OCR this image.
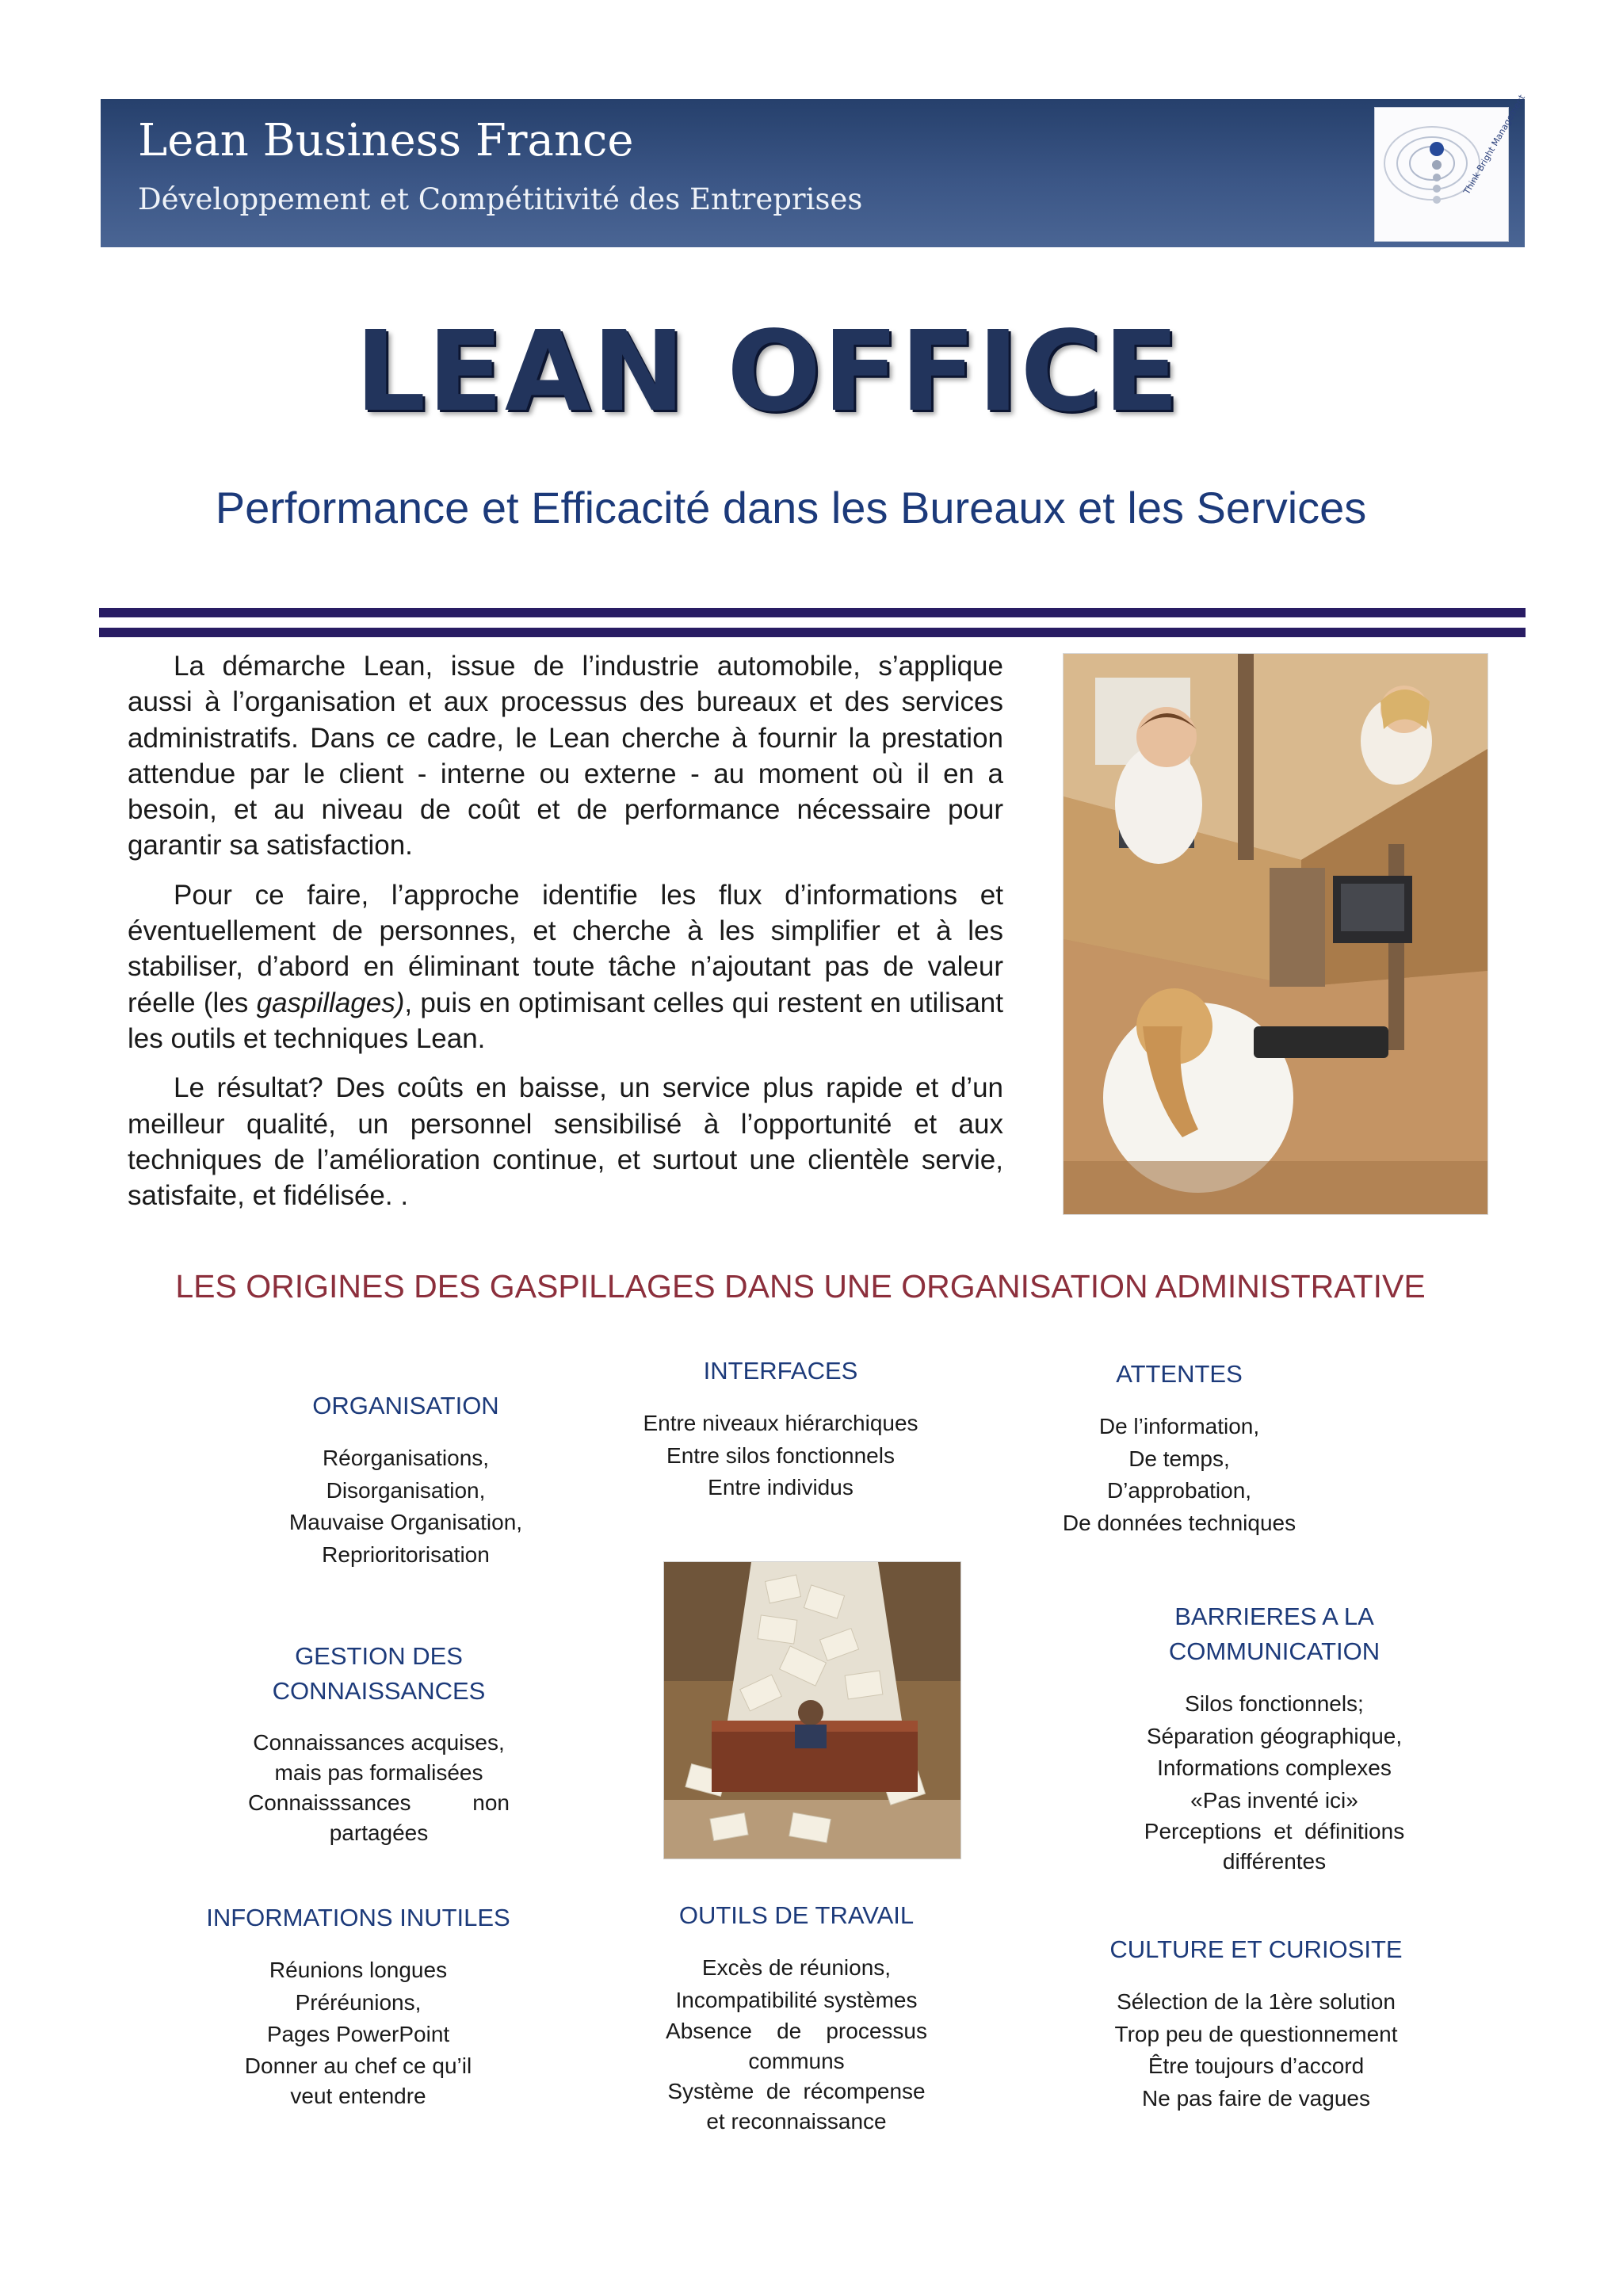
Lean Business France
Développement et Compétitivité des Entreprises
Think Bright Management
LEAN OFFICE
Performance et Efficacité dans les Bureaux et les Services

La démarche Lean, issue de l’industrie automobile, s’applique aussi à l’organisation et aux processus des bureaux et des services administratifs. Dans ce cadre, le Lean cherche à fournir la prestation attendue par le client - interne ou externe - au moment où il en a besoin, et au niveau de coût et de performance nécessaire pour garantir sa satisfaction.

Pour ce faire, l’approche identifie les flux d’informations et éventuellement de personnes, et cherche à les simplifier et à les stabiliser, d’abord en éliminant toute tâche n’ajoutant pas de valeur réelle (les gaspillages), puis en optimisant celles qui restent en utilisant les outils et techniques Lean.

Le résultat? Des coûts en baisse, un service plus rapide et d’un meilleur qualité, un personnel sensibilisé à l’opportunité et aux techniques de l’amélioration continue, et surtout une clientèle servie, satisfaite, et fidélisée. .

LES ORIGINES DES GASPILLAGES DANS UNE ORGANISATION ADMINISTRATIVE
ORGANISATION
Réorganisations,
Disorganisation,
Mauvaise Organisation,
Reprioritorisation
INTERFACES
Entre niveaux hiérarchiques
Entre silos fonctionnels
Entre individus
ATTENTES
De l’information,
De temps,
D’approbation,
De données techniques
GESTION DES CONNAISSANCES
Connaissances acquises,
mais pas formalisées
Connaisssances          non
partagées
BARRIERES A LA
COMMUNICATION
Silos fonctionnels;
Séparation géographique,
Informations complexes
«Pas inventé ici»
Perceptions  et  définitions
différentes
INFORMATIONS INUTILES
Réunions longues
Préréunions,
Pages PowerPoint
Donner au chef ce qu’il
veut entendre
OUTILS DE TRAVAIL
Excès de réunions,
Incompatibilité systèmes
Absence    de    processus
communs
Système  de  récompense
et reconnaissance
CULTURE ET CURIOSITE
Sélection de la 1ère solution
Trop peu de questionnement
Être toujours d’accord
Ne pas faire de vagues
